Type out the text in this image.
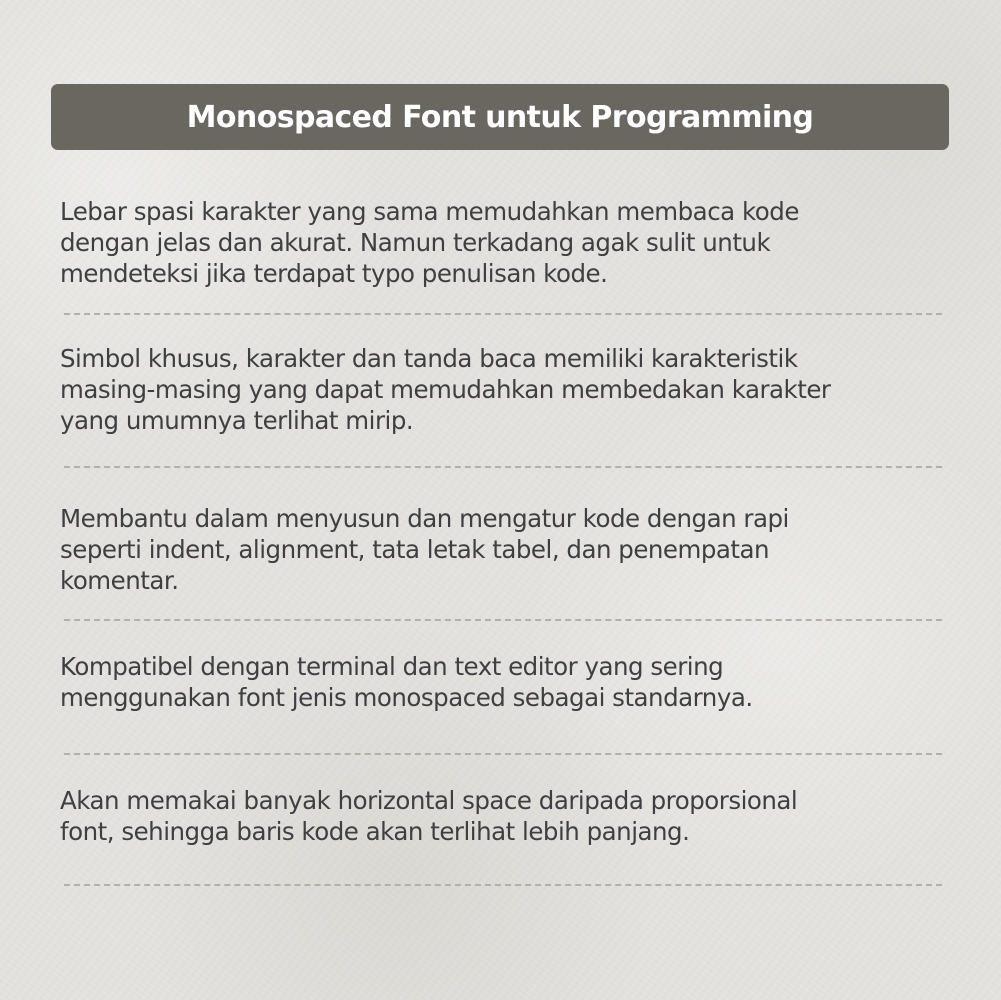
Monospaced Font untuk Programming

Lebar spasi karakter yang sama memudahkan membaca kode
dengan jelas dan akurat. Namun terkadang agak sulit untuk
mendeteksi jika terdapat typo penulisan kode.

Simbol khusus, karakter dan tanda baca memiliki karakteristik
masing-masing yang dapat memudahkan membedakan karakter
yang umumnya terlihat mirip.

Membantu dalam menyusun dan mengatur kode dengan rapi
seperti indent, alignment, tata letak tabel, dan penempatan
komentar.

Kompatibel dengan terminal dan text editor yang sering
menggunakan font jenis monospaced sebagai standarnya.

Akan memakai banyak horizontal space daripada proporsional
font, sehingga baris kode akan terlihat lebih panjang.
